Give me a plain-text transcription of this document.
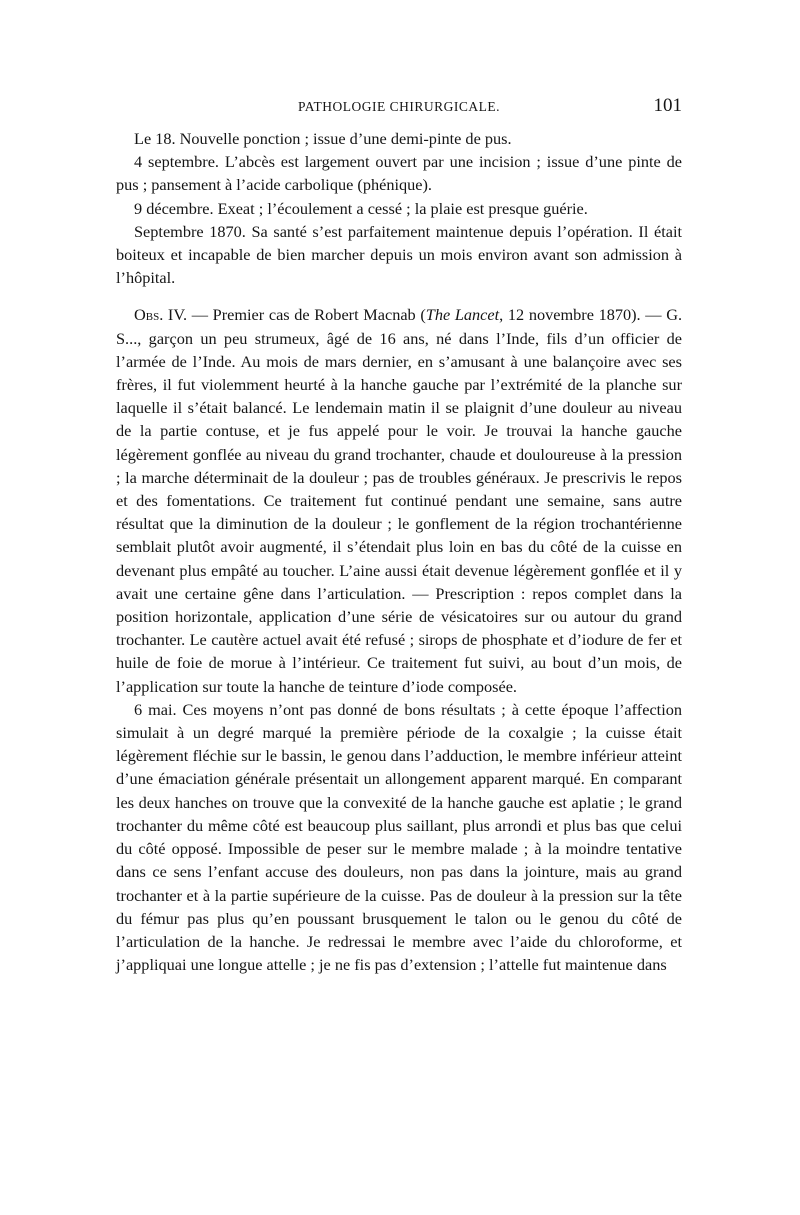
PATHOLOGIE CHIRURGICALE.	101

Le 18. Nouvelle ponction ; issue d’une demi-pinte de pus.

4 septembre. L’abcès est largement ouvert par une incision ; issue d’une pinte de pus ; pansement à l’acide carbolique (phénique).

9 décembre. Exeat ; l’écoulement a cessé ; la plaie est presque guérie.

Septembre 1870. Sa santé s’est parfaitement maintenue depuis l’opération. Il était boiteux et incapable de bien marcher depuis un mois environ avant son admission à l’hôpital.

Obs. IV. — Premier cas de Robert Macnab (The Lancet, 12 novembre 1870). — G. S..., garçon un peu strumeux, âgé de 16 ans, né dans l’Inde, fils d’un officier de l’armée de l’Inde. Au mois de mars dernier, en s’amusant à une balançoire avec ses frères, il fut violemment heurté à la hanche gauche par l’extrémité de la planche sur laquelle il s’était balancé. Le lendemain matin il se plaignit d’une douleur au niveau de la partie contuse, et je fus appelé pour le voir. Je trouvai la hanche gauche légèrement gonflée au niveau du grand trochanter, chaude et douloureuse à la pression ; la marche déterminait de la douleur ; pas de troubles généraux. Je prescrivis le repos et des fomentations. Ce traitement fut continué pendant une semaine, sans autre résultat que la diminution de la douleur ; le gonflement de la région trochantérienne semblait plutôt avoir augmenté, il s’étendait plus loin en bas du côté de la cuisse en devenant plus empâté au toucher. L’aine aussi était devenue légèrement gonflée et il y avait une certaine gêne dans l’articulation. — Prescription : repos complet dans la position horizontale, application d’une série de vésicatoires sur ou autour du grand trochanter. Le cautère actuel avait été refusé ; sirops de phosphate et d’iodure de fer et huile de foie de morue à l’intérieur. Ce traitement fut suivi, au bout d’un mois, de l’application sur toute la hanche de teinture d’iode composée.

6 mai. Ces moyens n’ont pas donné de bons résultats ; à cette époque l’affection simulait à un degré marqué la première période de la coxalgie ; la cuisse était légèrement fléchie sur le bassin, le genou dans l’adduction, le membre inférieur atteint d’une émaciation générale présentait un allongement apparent marqué. En comparant les deux hanches on trouve que la convexité de la hanche gauche est aplatie ; le grand trochanter du même côté est beaucoup plus saillant, plus arrondi et plus bas que celui du côté opposé. Impossible de peser sur le membre malade ; à la moindre tentative dans ce sens l’enfant accuse des douleurs, non pas dans la jointure, mais au grand trochanter et à la partie supérieure de la cuisse. Pas de douleur à la pression sur la tête du fémur pas plus qu’en poussant brusquement le talon ou le genou du côté de l’articulation de la hanche. Je redressai le membre avec l’aide du chloroforme, et j’appliquai une longue attelle ; je ne fis pas d’extension ; l’attelle fut maintenue dans
